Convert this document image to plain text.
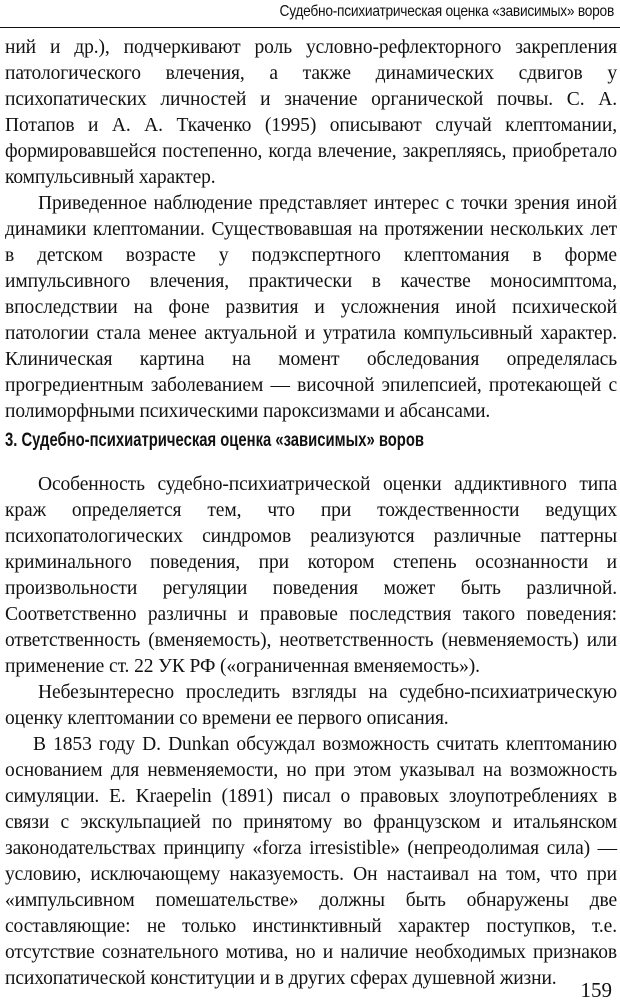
Судебно-психиатрическая оценка «зависимых» воров

ний и др.), подчеркивают роль условно-рефлекторного закрепления патологического влечения, а также динамических сдвигов у психопатических личностей и значение органической почвы. С. А. Потапов и А. А. Ткаченко (1995) описывают случай клептомании, формировавшейся постепенно, когда влечение, закрепляясь, приобретало компульсивный характер.

Приведенное наблюдение представляет интерес с точки зрения иной динамики клептомании. Существовавшая на протяжении нескольких лет в детском возрасте у подэкспертного клептомания в форме импульсивного влечения, практически в качестве моносимптома, впоследствии на фоне развития и усложнения иной психической патологии стала менее актуальной и утратила компульсивный характер. Клиническая картина на момент обследования определялась прогредиентным заболеванием — височной эпилепсией, протекающей с полиморфными психическими пароксизмами и абсансами.

3. Судебно-психиатрическая оценка «зависимых» воров

Особенность судебно-психиатрической оценки аддиктивного типа краж определяется тем, что при тождественности ведущих психопатологических синдромов реализуются различные паттерны криминального поведения, при котором степень осознанности и произвольности регуляции поведения может быть различной. Соответственно различны и правовые последствия такого поведения: ответственность (вменяемость), неответственность (невменяемость) или применение ст. 22 УК РФ («ограниченная вменяемость»).

Небезынтересно проследить взгляды на судебно-психиатрическую оценку клептомании со времени ее первого описания.

В 1853 году D. Dunkan обсуждал возможность считать клептоманию основанием для невменяемости, но при этом указывал на возможность симуляции. E. Kraepelin (1891) писал о правовых злоупотреблениях в связи с экскульпацией по принятому во французском и итальянском законодательствах принципу «forza irresistible» (непреодолимая сила) — условию, исключающему наказуемость. Он настаивал на том, что при «импульсивном помешательстве» должны быть обнаружены две составляющие: не только инстинктивный характер поступков, т.е. отсутствие сознательного мотива, но и наличие необходимых признаков психопатической конституции и в других сферах душевной жизни.	159
